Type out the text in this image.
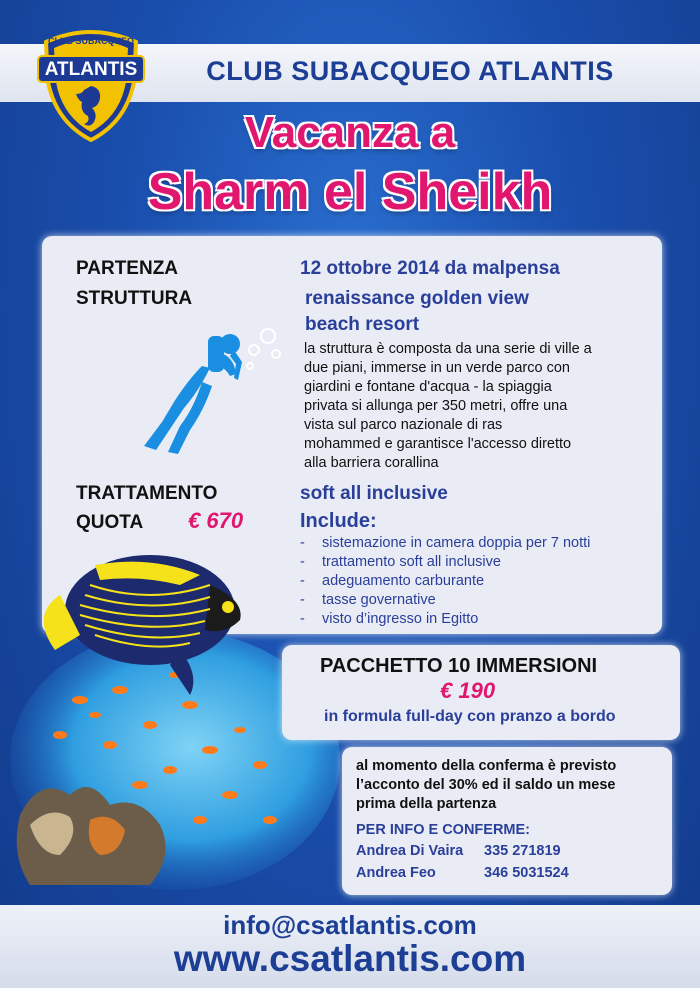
CLUB SUBACQUEO ATLANTIS
ATLANTIS
CLUB SUBACQUEO
Vacanza a
Sharm el Sheikh
PARTENZA	12 ottobre 2014 da malpensa
STRUTTURA	renaissance golden view
beach resort
la struttura è composta da una serie di ville a
due piani, immerse in un verde parco con
giardini e fontane d'acqua - la spiaggia
privata si allunga per 350 metri, offre una
vista sul parco nazionale di ras
mohammed e garantisce l'accesso diretto
alla barriera corallina
TRATTAMENTO	soft all inclusive
QUOTA € 670	Include:
- sistemazione in camera doppia per 7 notti
- trattamento soft all inclusive
- adeguamento carburante
- tasse governative
- visto d’ingresso in Egitto
PACCHETTO 10 IMMERSIONI
€ 190
in formula full-day con pranzo a bordo
al momento della conferma è previsto
l’acconto del 30% ed il saldo un mese
prima della partenza
PER INFO E CONFERME:
Andrea Di Vaira 335 271819
Andrea Feo	346 5031524
info@csatlantis.com
www.csatlantis.com
